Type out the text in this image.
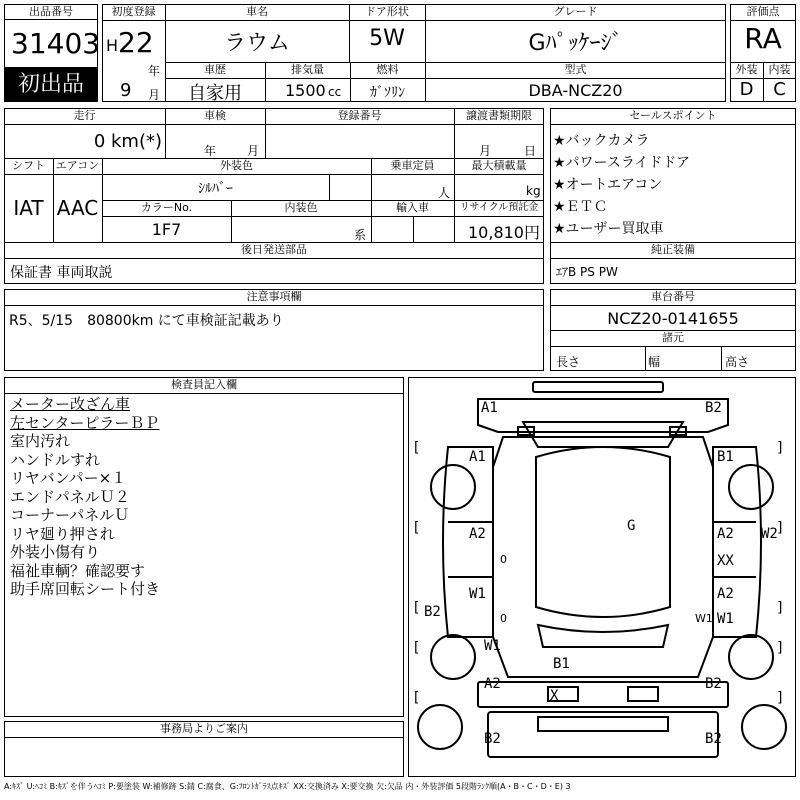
出品番号
31403
初出品
初度登録
H 22
年
9 月
車名
ラウム
ドア形状
5W
グレード
Gﾊﾟｯｹｰｼﾞ
車歴
自家用
排気量
1500 cc
燃料
ｶﾞｿﾘﾝ
型式
DBA-NCZ20
評価点
RA
外装	内装
D	C
走行
0 km(*)
車検
年	月
登録番号	譲渡書類期限
月	日
シフト
IAT
エアコン
AAC
外装色
ｼﾙﾊﾞｰ
乗車定員
人
最大積載量
kg
カラーNo.
1F7
内装色
系
輸入車	リサイクル預託金
10,810円
後日発送部品
保証書 車両取説
セールスポイント
★バックカメラ
★パワースライドドア
★オートエアコン
★ＥＴＣ
★ユーザー買取車
純正装備
ｴｱB PS PW
注意事項欄
R5、5/15　80800km にて車検証記載あり
車台番号
NCZ20-0141655
諸元
長さ	幅	高さ
検査員記入欄
メーター改ざん車
左センターピラーＢＰ
室内汚れ
ハンドルすれ
リヤバンパー×１
エンドパネルＵ２
コーナーパネルＵ
リヤ廻り押され
外装小傷有り
福祉車輌？確認要す
助手席回転シート付き
事務局よりご案内
A1	B2
A1	B1
G
A2	W2
0	XX
A2
W1
W1
0
A2
W1
B2
W1
B1
A2	B2
X
B2	B2
[	]
[	]
[	]
[	]
[	]
A:ｷｽﾞ U:ﾍｺﾐ B:ｷｽﾞを伴うﾍｺﾐ P:要塗装 W:補修跡 S:錆 C:腐食、G:ﾌﾛﾝﾄｶﾞﾗｽ点ｷｽﾞ XX:交換済み X:要交換 欠:欠品 内・外装評価 5段階ﾗﾝｸ順(A・B・C・D・E) 3
